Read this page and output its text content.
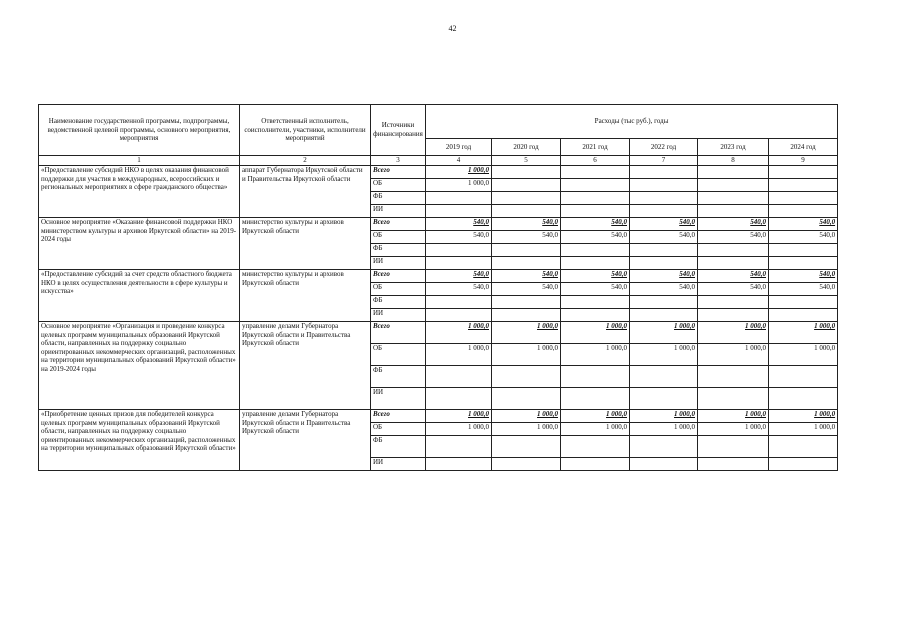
42
Наименование государственной программы, подпрограммы, ведомственной целевой программы, основного мероприятия, мероприятия	Ответственный исполнитель, соисполнители, участники, исполнители мероприятий	Источники финансирования	Расходы (тыс руб.), годы					
			2019 год	2020 год	2021 год	2022 год	2023 год	2024 год
1	2	3	4	5	6	7	8	9
«Предоставление субсидий НКО в целях оказания финансовой поддержки для участия в международных, всероссийских и региональных мероприятиях в сфере гражданского общества»	аппарат Губернатора Иркутской области и Правительства Иркутской области	Всего	1 000,0					
		ОБ	1 000,0					
		ФБ						
		ИИ						
Основное мероприятие «Оказание финансовой поддержки НКО министерством культуры и архивов Иркутской области» на 2019-2024 годы	министерство культуры и архивов Иркутской области	Всего	540,0	540,0	540,0	540,0	540,0	540,0
		ОБ	540,0	540,0	540,0	540,0	540,0	540,0
		ФБ						
		ИИ						
«Предоставление субсидий за счет средств областного бюджета НКО в целях осуществления деятельности в сфере культуры и искусства»	министерство культуры и архивов Иркутской области	Всего	540,0	540,0	540,0	540,0	540,0	540,0
		ОБ	540,0	540,0	540,0	540,0	540,0	540,0
		ФБ						
		ИИ						
Основное мероприятие «Организация и проведение конкурса целевых программ муниципальных образований Иркутской области, направленных на поддержку социально ориентированных некоммерческих организаций, расположенных на территории муниципальных образований Иркутской области» на 2019-2024 годы	управление делами Губернатора Иркутской области и Правительства Иркутской области	Всего	1 000,0	1 000,0	1 000,0	1 000,0	1 000,0	1 000,0
		ОБ	1 000,0	1 000,0	1 000,0	1 000,0	1 000,0	1 000,0
		ФБ						
		ИИ						
«Приобретение ценных призов для победителей конкурса целевых программ муниципальных образований Иркутской области, направленных на поддержку социально ориентированных некоммерческих организаций, расположенных на территории муниципальных образований Иркутской области»	управление делами Губернатора Иркутской области и Правительства Иркутской области	Всего	1 000,0	1 000,0	1 000,0	1 000,0	1 000,0	1 000,0
		ОБ	1 000,0	1 000,0	1 000,0	1 000,0	1 000,0	1 000,0
		ФБ						
		ИИ						
